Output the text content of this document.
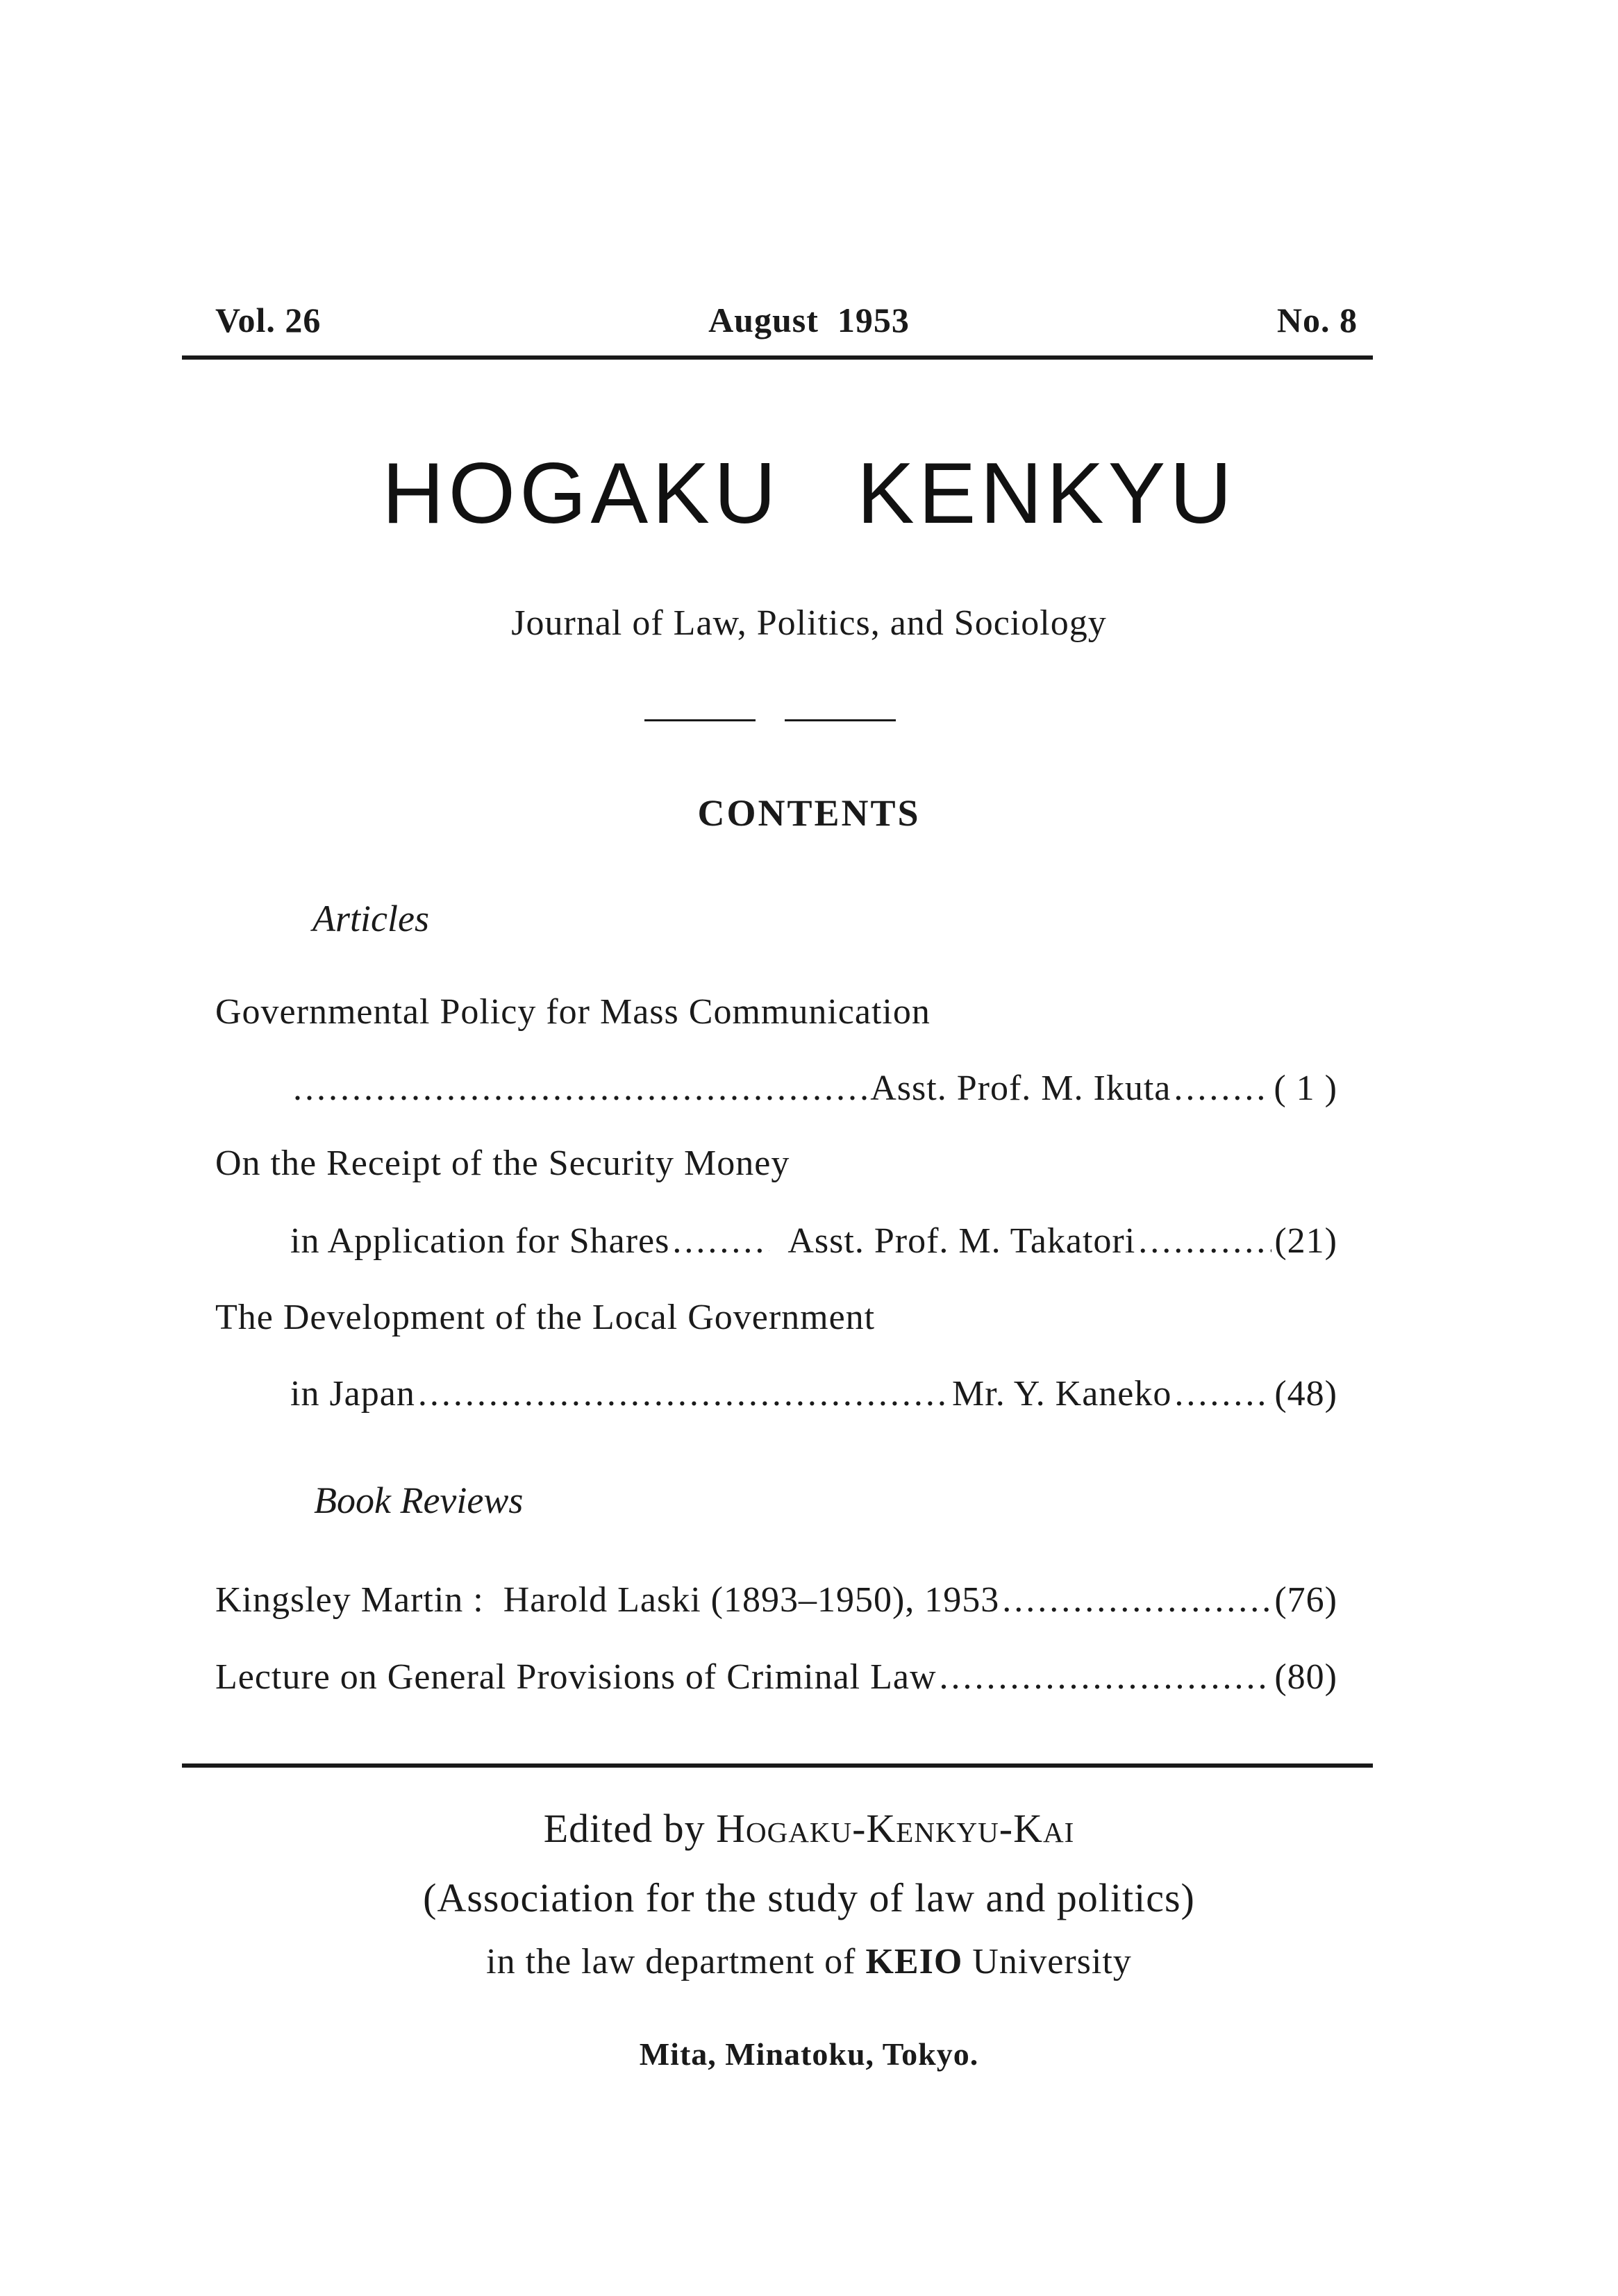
Vol. 26	August  1953	No. 8
HOGAKU KENKYU
Journal of Law, Politics, and Sociology
CONTENTS
Articles
Governmental Policy for Mass Communication
.....
Asst. Prof. M. Ikuta .....	( 1 )
On the Receipt of the Security Money
in Application for Shares .....	Asst. Prof. M. Takatori .....	(21)
The Development of the Local Government
in Japan .....	Mr. Y. Kaneko .....	(48)
Book Reviews
Kingsley Martin :  Harold Laski (1893–1950), 1953 .....	(76)
Lecture on General Provisions of Criminal Law .....	(80)
Edited by Hogaku-Kenkyu-Kai
(Association for the study of law and politics)
in the law department of KEIO University
Mita, Minatoku, Tokyo.
